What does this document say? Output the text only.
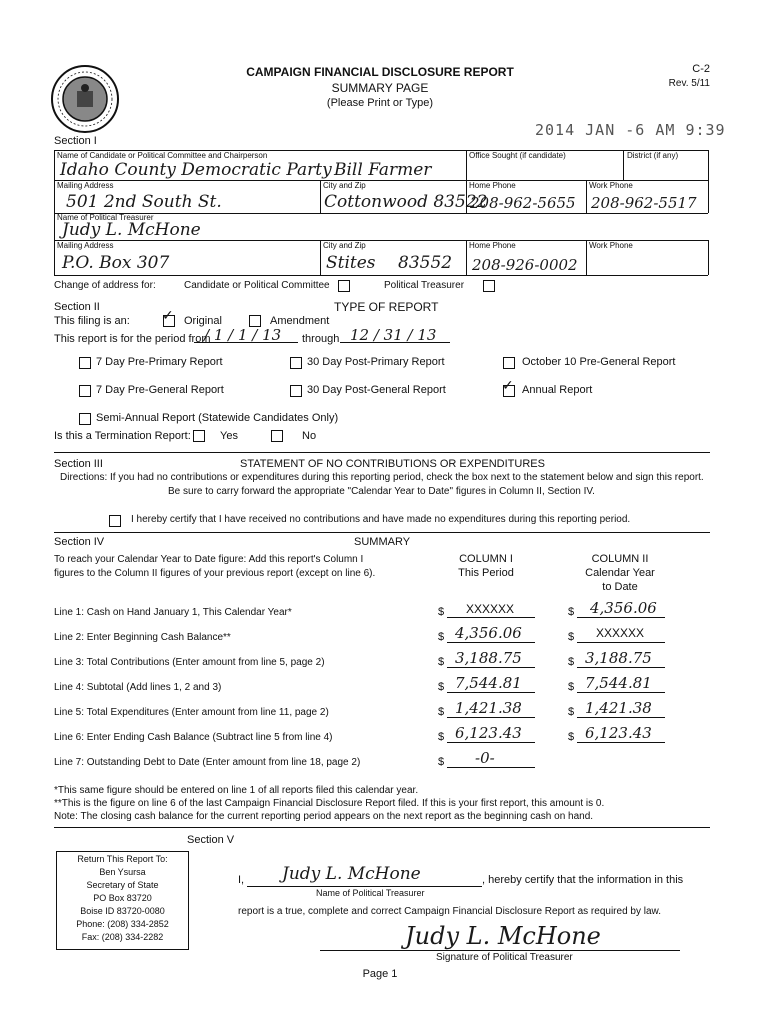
CAMPAIGN FINANCIAL DISCLOSURE REPORT
SUMMARY PAGE
(Please Print or Type)
C-2
Rev. 5/11
2014 JAN -6 AM 9:39
Section I
Name of Candidate or Political Committee and Chairperson
Idaho County Democratic Party Bill Farmer
Office Sought (if candidate)	District (if any)
Mailing Address
501 2nd South St.
City and Zip
Cottonwood 83522
Home Phone
208-962-5655
Work Phone
208-962-5517
Name of Political Treasurer
Judy L. McHone
Mailing Address
P.O. Box 307
City and Zip
Stites 83552
Home Phone
208-926-0002
Work Phone
Change of address for:	Candidate or Political Committee	Political Treasurer
Section II	TYPE OF REPORT
This filing is an: ✓ Original	Amendment
This report is for the period from
/ 1 / 1 / 13 through 12 / 31 / 13
7 Day Pre-Primary Report	30 Day Post-Primary Report	October 10 Pre-General Report
7 Day Pre-General Report	30 Day Post-General Report	✓ Annual Report
Semi-Annual Report (Statewide Candidates Only)
Is this a Termination Report:	Yes	No
Section III	STATEMENT OF NO CONTRIBUTIONS OR EXPENDITURES
Directions: If you had no contributions or expenditures during this reporting period, check the box next to the statement below and sign this report.
Be sure to carry forward the appropriate "Calendar Year to Date" figures in Column II, Section IV.
I hereby certify that I have received no contributions and have made no expenditures during this reporting period.
Section IV	SUMMARY
To reach your Calendar Year to Date figure: Add this report's Column I
figures to the Column II figures of your previous report (except on line 6).
COLUMN I
This Period
COLUMN II
Calendar Year
to Date
Line 1: Cash on Hand January 1, This Calendar Year*	$	XXXXXX	$ 4,356.06
Line 2: Enter Beginning Cash Balance**	$ 4,356.06	$	XXXXXX
Line 3: Total Contributions (Enter amount from line 5, page 2)	$ 3,188.75	$ 3,188.75
Line 4: Subtotal (Add lines 1, 2 and 3)	$ 7,544.81	$ 7,544.81
Line 5: Total Expenditures (Enter amount from line 11, page 2)	$ 1,421.38	$ 1,421.38
Line 6: Enter Ending Cash Balance (Subtract line 5 from line 4)	$ 6,123.43	$ 6,123.43
Line 7: Outstanding Debt to Date (Enter amount from line 18, page 2)	$ -0-
*This same figure should be entered on line 1 of all reports filed this calendar year.
**This is the figure on line 6 of the last Campaign Financial Disclosure Report filed. If this is your first report, this amount is 0.
Note: The closing cash balance for the current reporting period appears on the next report as the beginning cash on hand.
Section V
Return This Report To:
Ben Ysursa
Secretary of State
PO Box 83720
Boise ID 83720-0080
Phone: (208) 334-2852
Fax: (208) 334-2282
I, Judy L. McHone	, hereby certify that the information in this
Name of Political Treasurer
report is a true, complete and correct Campaign Financial Disclosure Report as required by law.
Judy L. McHone
Signature of Political Treasurer
Page 1
